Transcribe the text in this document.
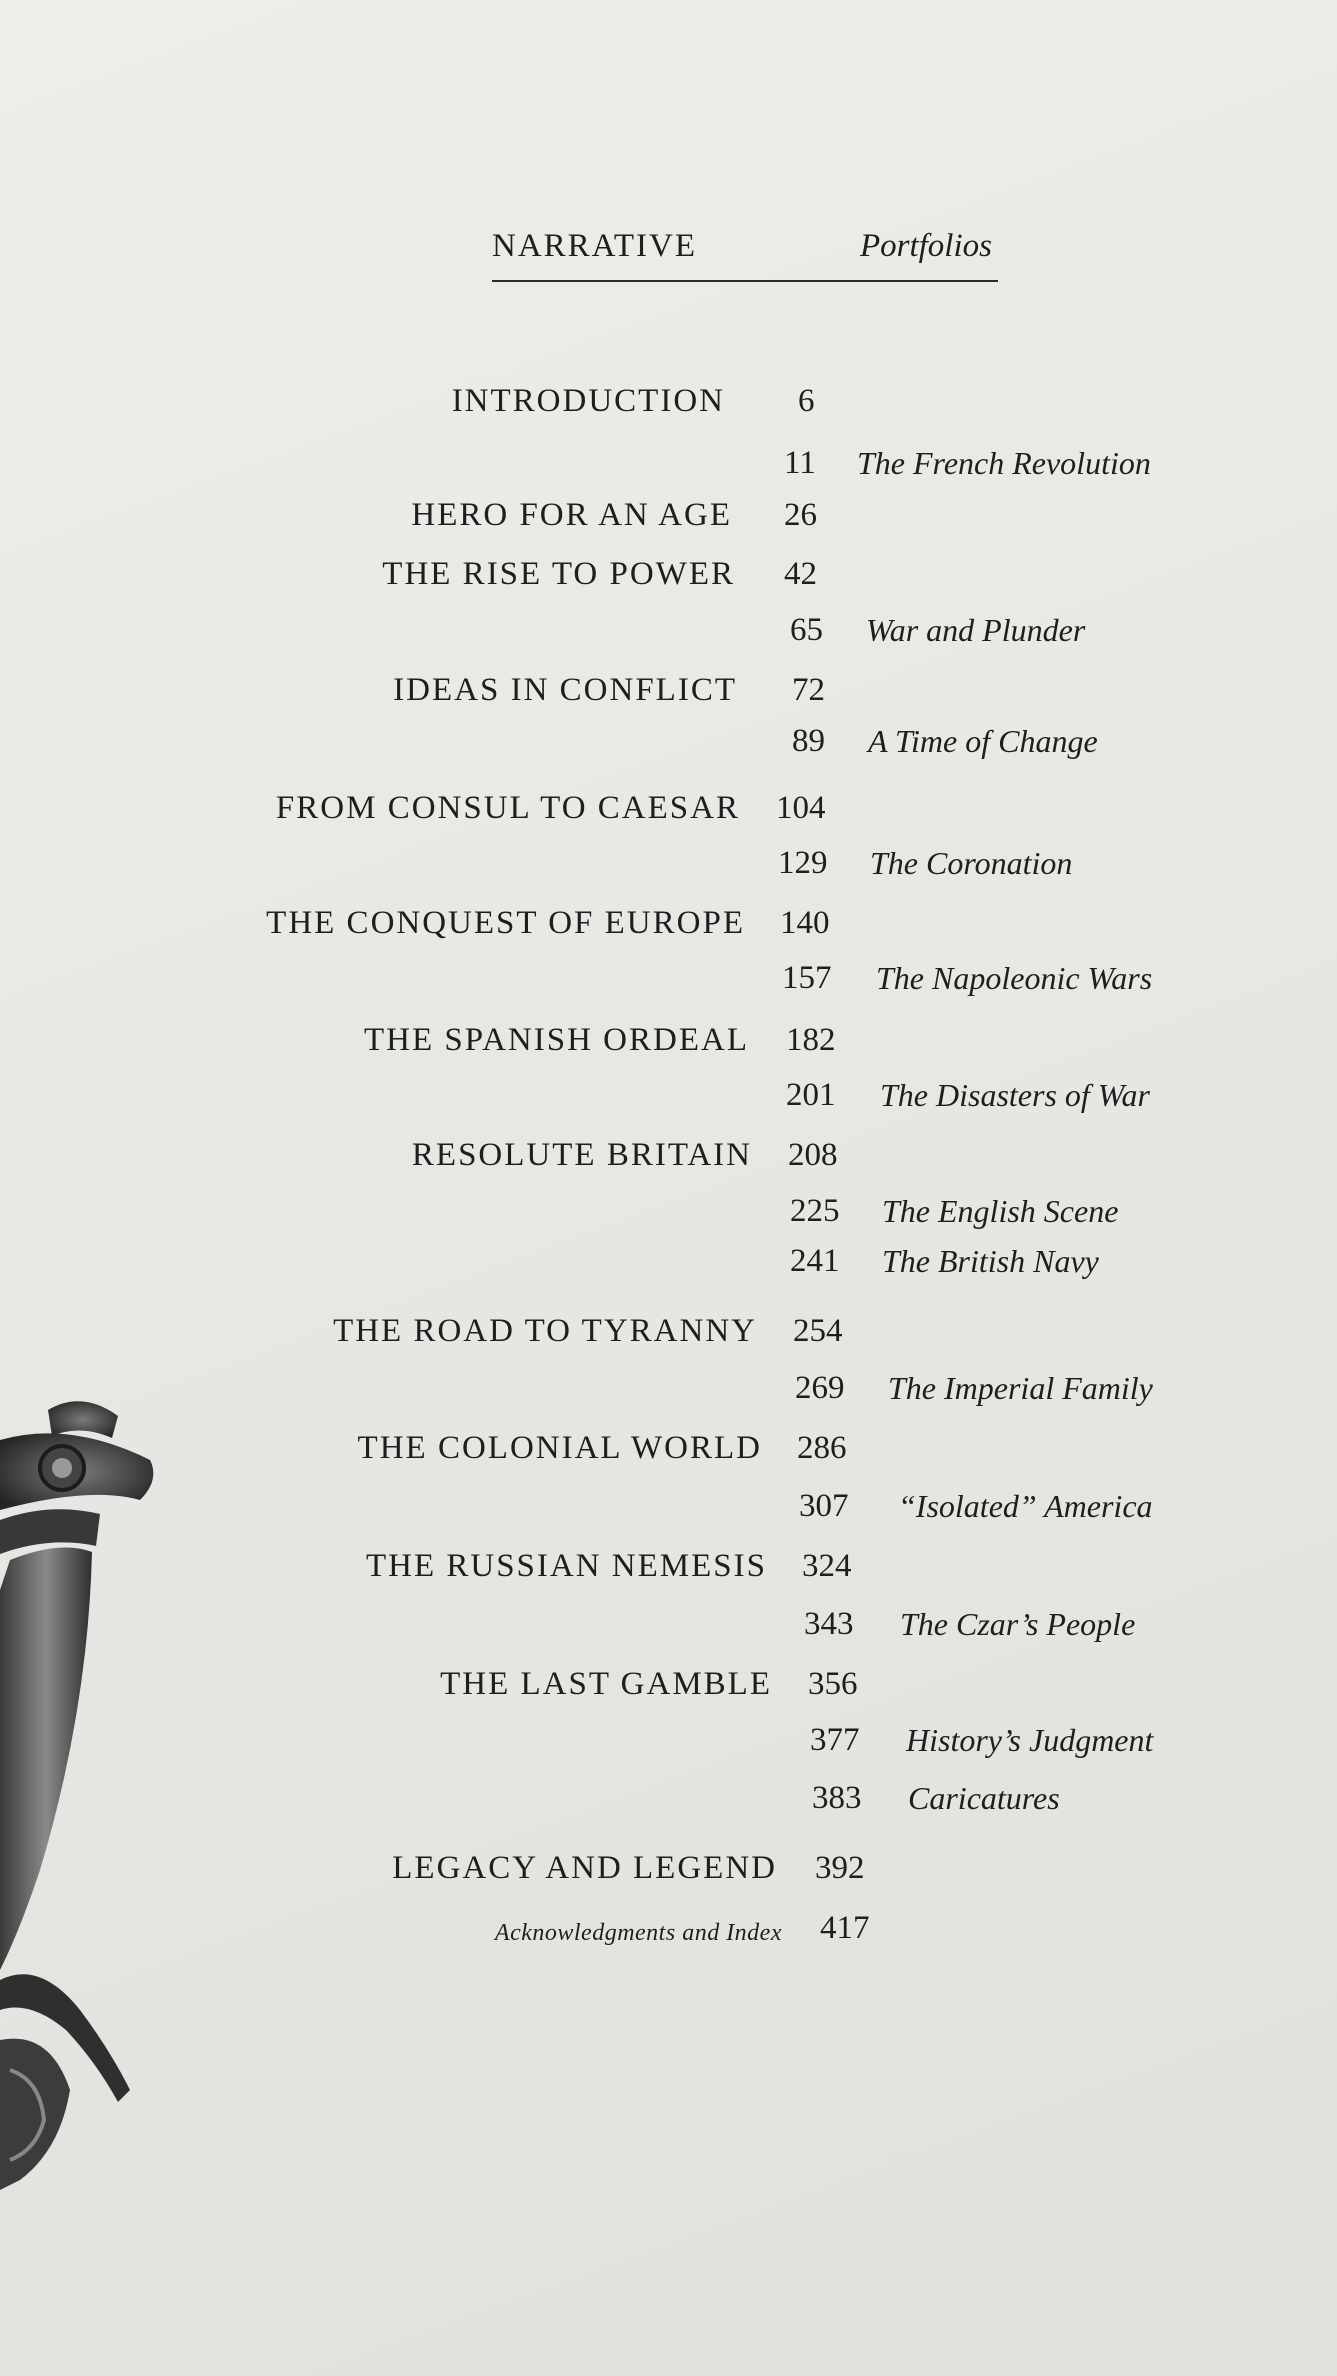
NARRATIVE	Portfolios
INTRODUCTION 6
11 The French Revolution
HERO FOR AN AGE 26
THE RISE TO POWER 42
65 War and Plunder
IDEAS IN CONFLICT 72
89 A Time of Change
FROM CONSUL TO CAESAR 104
129 The Coronation
THE CONQUEST OF EUROPE 140
157 The Napoleonic Wars
THE SPANISH ORDEAL 182
201 The Disasters of War
RESOLUTE BRITAIN 208
225 The English Scene
241 The British Navy
THE ROAD TO TYRANNY 254
269 The Imperial Family
THE COLONIAL WORLD 286
307 “Isolated” America
THE RUSSIAN NEMESIS 324
343 The Czar’s People
THE LAST GAMBLE 356
377 History’s Judgment
383 Caricatures
LEGACY AND LEGEND 392
Acknowledgments and Index 417
